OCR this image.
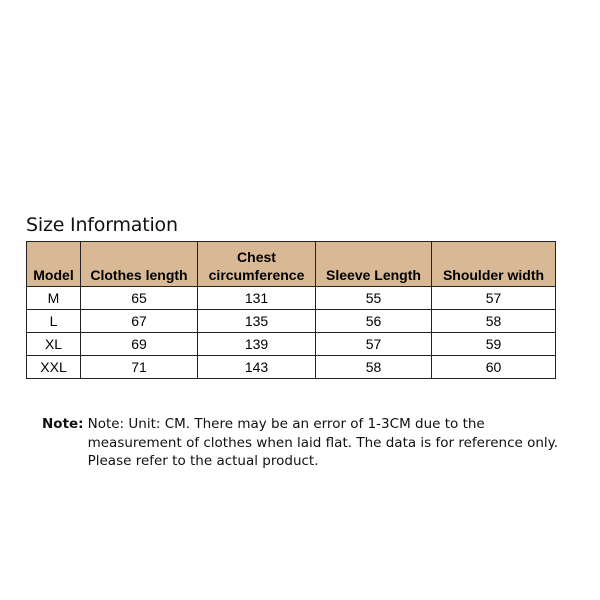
Size Information
Model	Clothes length	Chest circumference	Sleeve Length	Shoulder width
M	65	131	55	57
L	67	135	56	58
XL	69	139	57	59
XXL	71	143	58	60
Note: Note: Unit: CM. There may be an error of 1-3CM due to the measurement of clothes when laid flat. The data is for reference only. Please refer to the actual product.
